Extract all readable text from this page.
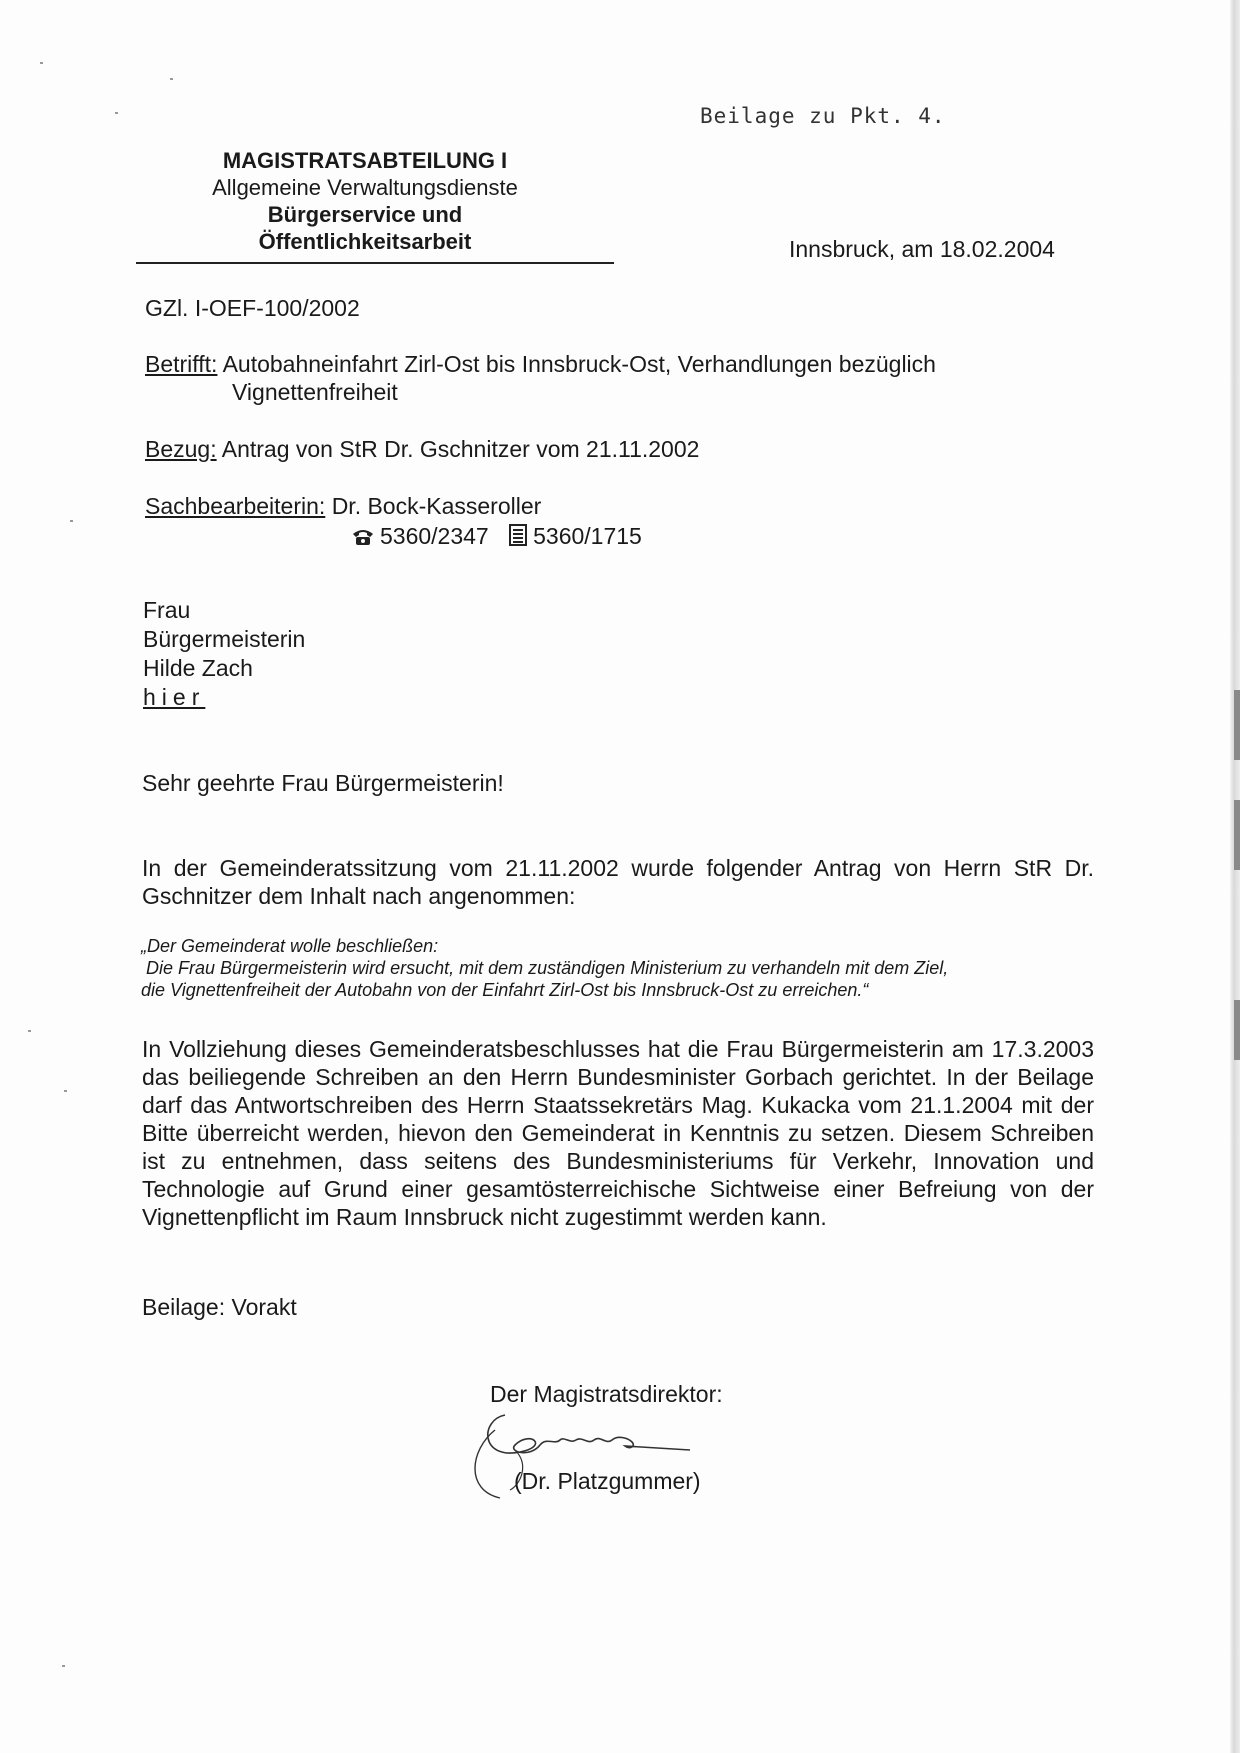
Beilage zu Pkt. 4.
MAGISTRATSABTEILUNG I
Allgemeine Verwaltungsdienste
Bürgerservice und
Öffentlichkeitsarbeit	Innsbruck, am 18.02.2004
GZl. I-OEF-100/2002
Betrifft: Autobahneinfahrt Zirl-Ost bis Innsbruck-Ost, Verhandlungen bezüglich
Vignettenfreiheit
Bezug: Antrag von StR Dr. Gschnitzer vom 21.11.2002
Sachbearbeiterin: Dr. Bock-Kasseroller
5360/2347 5360/1715
Frau
Bürgermeisterin
Hilde Zach
hier
Sehr geehrte Frau Bürgermeisterin!
In der Gemeinderatssitzung vom 21.11.2002 wurde folgender Antrag von Herrn StR Dr. Gschnitzer dem Inhalt nach angenommen:
„Der Gemeinderat wolle beschließen:
Die Frau Bürgermeisterin wird ersucht, mit dem zuständigen Ministerium zu verhandeln mit dem Ziel,
die Vignettenfreiheit der Autobahn von der Einfahrt Zirl-Ost bis Innsbruck-Ost zu erreichen.“
In Vollziehung dieses Gemeinderatsbeschlusses hat die Frau Bürgermeisterin am 17.3.2003 das beiliegende Schreiben an den Herrn Bundesminister Gorbach gerichtet. In der Beilage darf das Antwortschreiben des Herrn Staatssekretärs Mag. Kukacka vom 21.1.2004 mit der Bitte überreicht werden, hievon den Gemeinderat in Kenntnis zu setzen. Diesem Schreiben ist zu entnehmen, dass seitens des Bundesministeriums für Verkehr, Innovation und Technologie auf Grund einer gesamtösterreichische Sichtweise einer Befreiung von der Vignettenpflicht im Raum Innsbruck nicht zugestimmt werden kann.
Beilage: Vorakt
Der Magistratsdirektor:
(Dr. Platzgummer)
